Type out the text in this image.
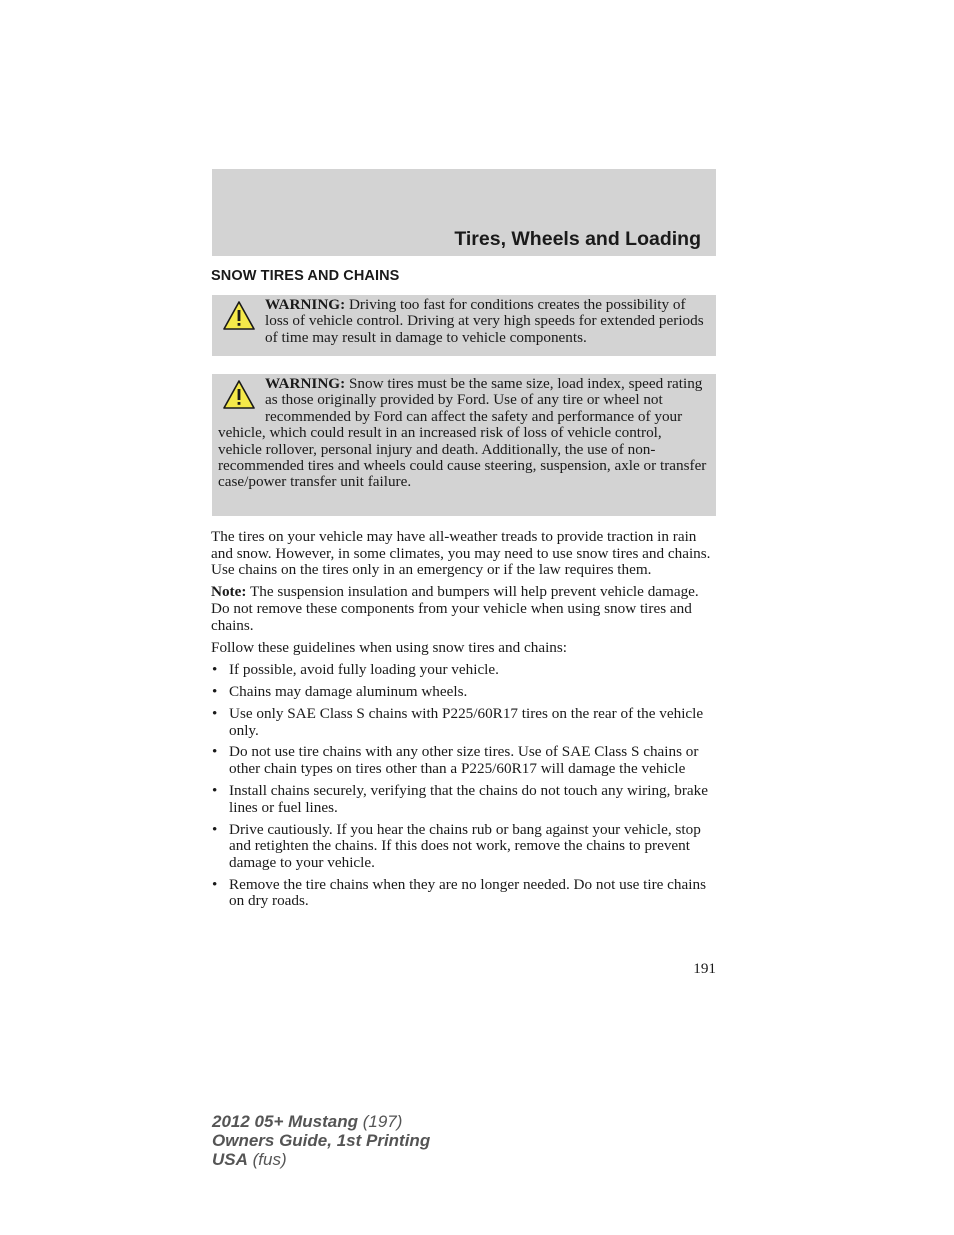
Tires, Wheels and Loading
SNOW TIRES AND CHAINS
WARNING: Driving too fast for conditions creates the possibility of loss of vehicle control. Driving at very high speeds for extended periods of time may result in damage to vehicle components.
WARNING: Snow tires must be the same size, load index, speed rating as those originally provided by Ford. Use of any tire or wheel not recommended by Ford can affect the safety and performance of your vehicle, which could result in an increased risk of loss of vehicle control, vehicle rollover, personal injury and death. Additionally, the use of non-recommended tires and wheels could cause steering, suspension, axle or transfer case/power transfer unit failure.

The tires on your vehicle may have all-weather treads to provide traction in rain and snow. However, in some climates, you may need to use snow tires and chains. Use chains on the tires only in an emergency or if the law requires them.

Note: The suspension insulation and bumpers will help prevent vehicle damage. Do not remove these components from your vehicle when using snow tires and chains.

Follow these guidelines when using snow tires and chains:

• If possible, avoid fully loading your vehicle.
• Chains may damage aluminum wheels.
• Use only SAE Class S chains with P225/60R17 tires on the rear of the vehicle only.
• Do not use tire chains with any other size tires. Use of SAE Class S chains or other chain types on tires other than a P225/60R17 will damage the vehicle
• Install chains securely, verifying that the chains do not touch any wiring, brake lines or fuel lines.
• Drive cautiously. If you hear the chains rub or bang against your vehicle, stop and retighten the chains. If this does not work, remove the chains to prevent damage to your vehicle.
• Remove the tire chains when they are no longer needed. Do not use tire chains on dry roads.
191
2012 05+ Mustang (197)
Owners Guide, 1st Printing
USA (fus)
